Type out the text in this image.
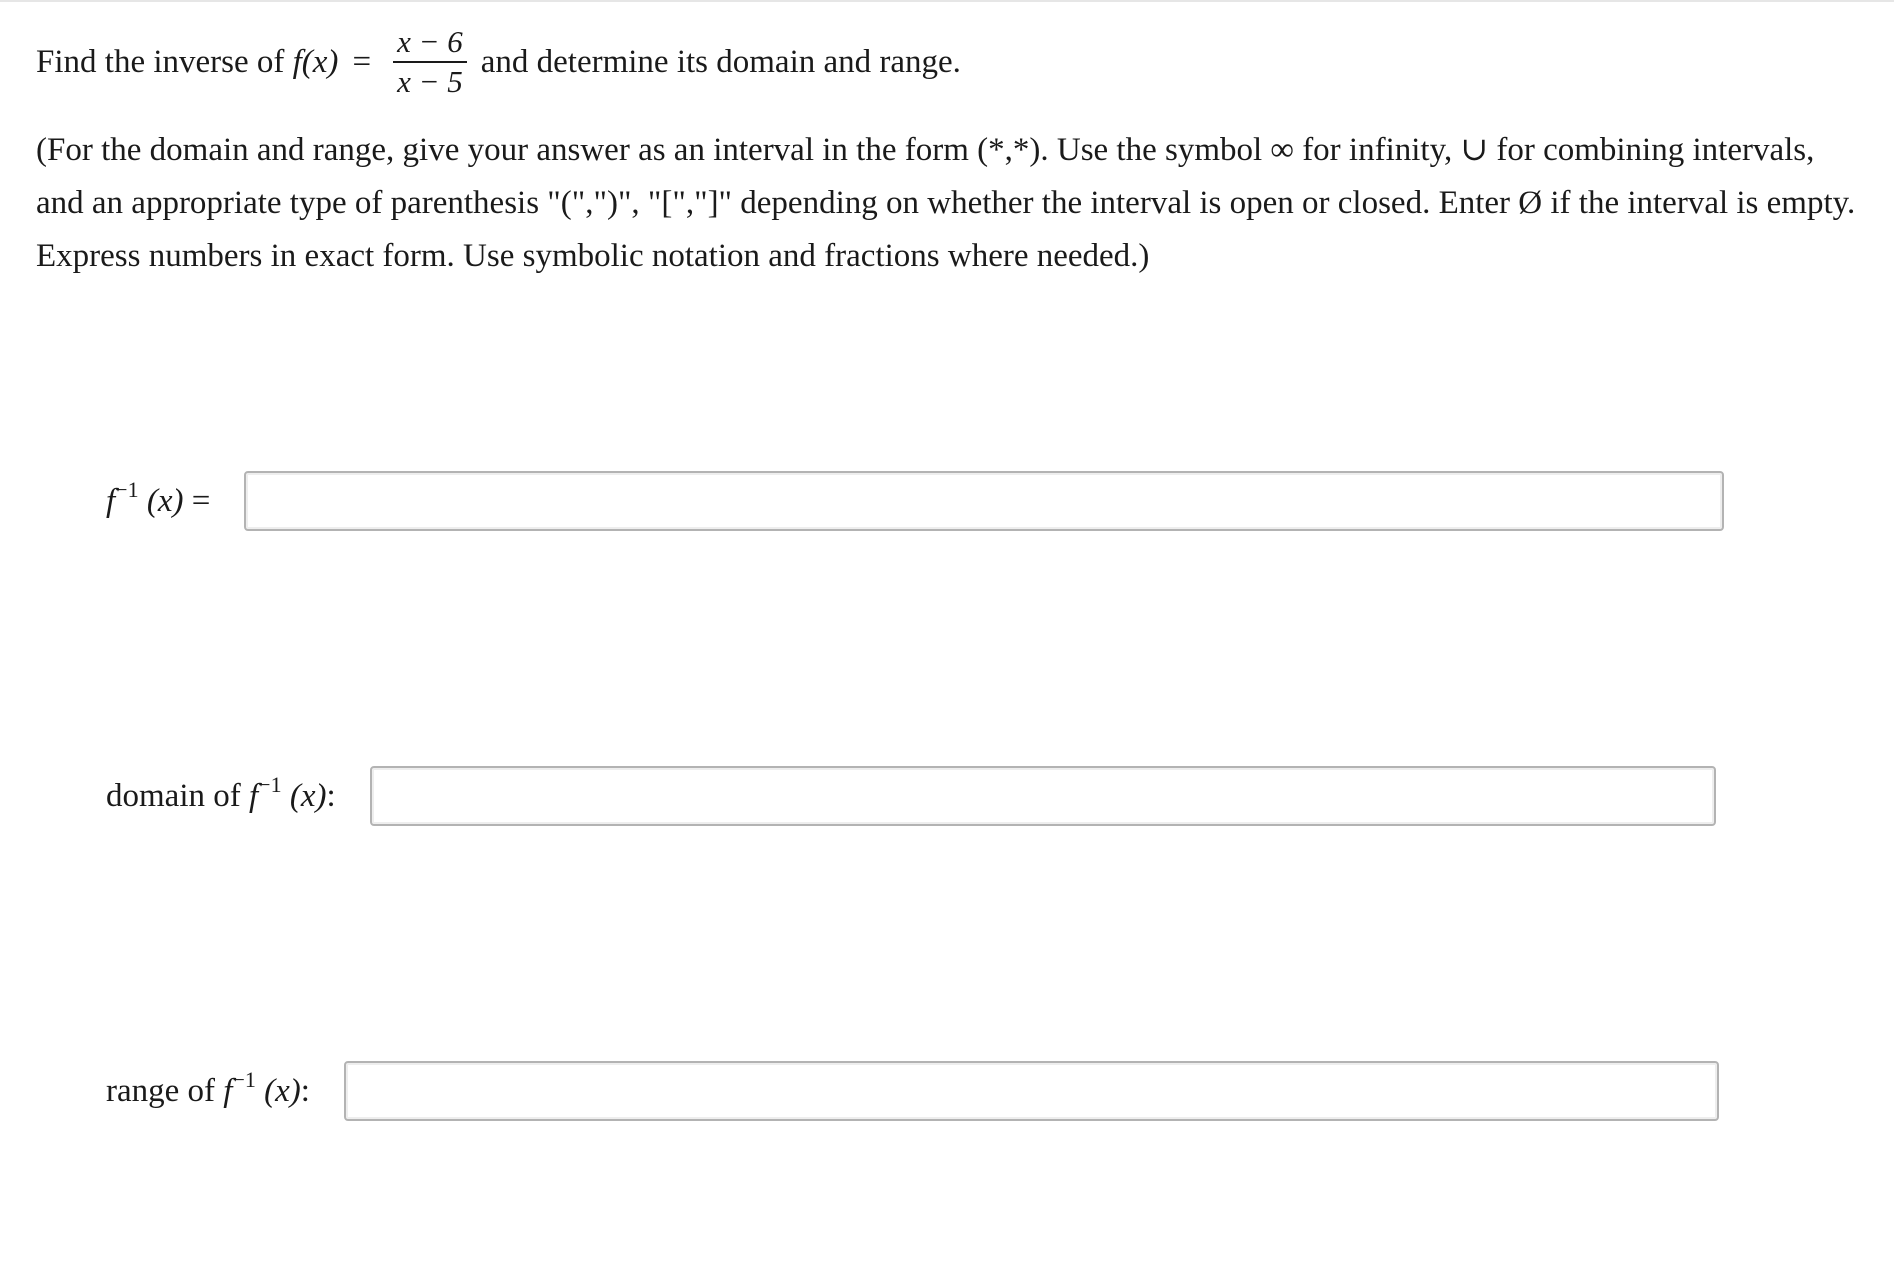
Find the inverse of
f $(x) = \frac{x - 6}{x - 5}$ and determine its domain and range.
(For the domain and range, give your answer as an interval in the form (*,*). Use the symbol ∞ for infinity, ∪ for combining intervals, and an appropriate type of parenthesis "(",")", "[","]" depending on whether the interval is open or closed. Enter Ø if the interval is empty. Express numbers in exact form. Use symbolic notation and fractions where needed.)
$f^{-1}$ (x) =
domain of $f^{-1}$ (x):
range of $f^{-1}$ (x):
